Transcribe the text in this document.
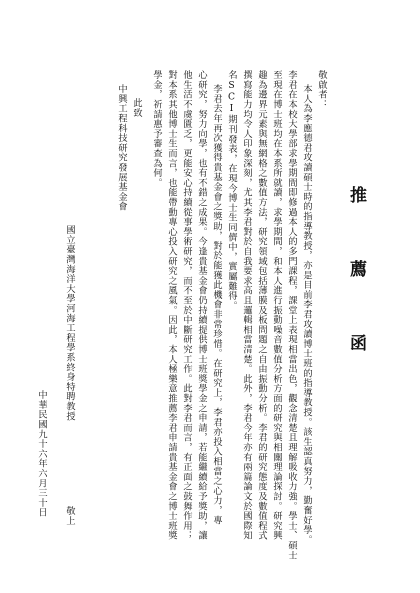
推
薦
函
敬啟者：
本人為李應德君攻讀碩士時的指導教授，亦是目前李君攻讀博士班的指導教授。該生認真努力，勤奮好學。
李君在本校大學部求學期間即修過本人的多門課程，課堂上表現相當出色，觀念清楚且理解吸收力強。學士、碩士
至現在博士班均在本系所就讀，求學期間，和本人進行振動噪音數值分析方面的研究與相關理論探討。研究興
趣為邊界元素與無網格之數值方法，研究領域包括薄膜及板問題之自由振動分析。李君的研究態度及數值程式
撰寫能力均令人印象深刻，尤其李君對於自我要求高且邏輯相當清楚。此外，李君今年亦有兩篇論文於國際知
名SCI期刊發表，在現今博士生同儕中，實屬難得。
李君去年再次獲得貴基金會之獎助，對於能獲此機會非常珍惜。在研究上，李君亦投入相當之心力，專
心研究，努力向學，也有不錯之成果。今逢貴基金會仍持續提供博士班獎學金之申請，若能繼續給予獎助，讓
他生活不虞匱乏，更能安心持續從事學術研究，而不至於中斷研究工作。此對李君而言，有正面之鼓舞作用；
對本系其他博士生而言，也能帶動專心投入研究之風氣。因此，本人極樂意推薦李君申請貴基金會之博士班獎
學金，祈請惠予審查為何。
此致
中興工程科技研究發展基金會
國立臺灣海洋大學河海工程學系終身特聘教授
敬上
中華民國九十六年六月三十日
